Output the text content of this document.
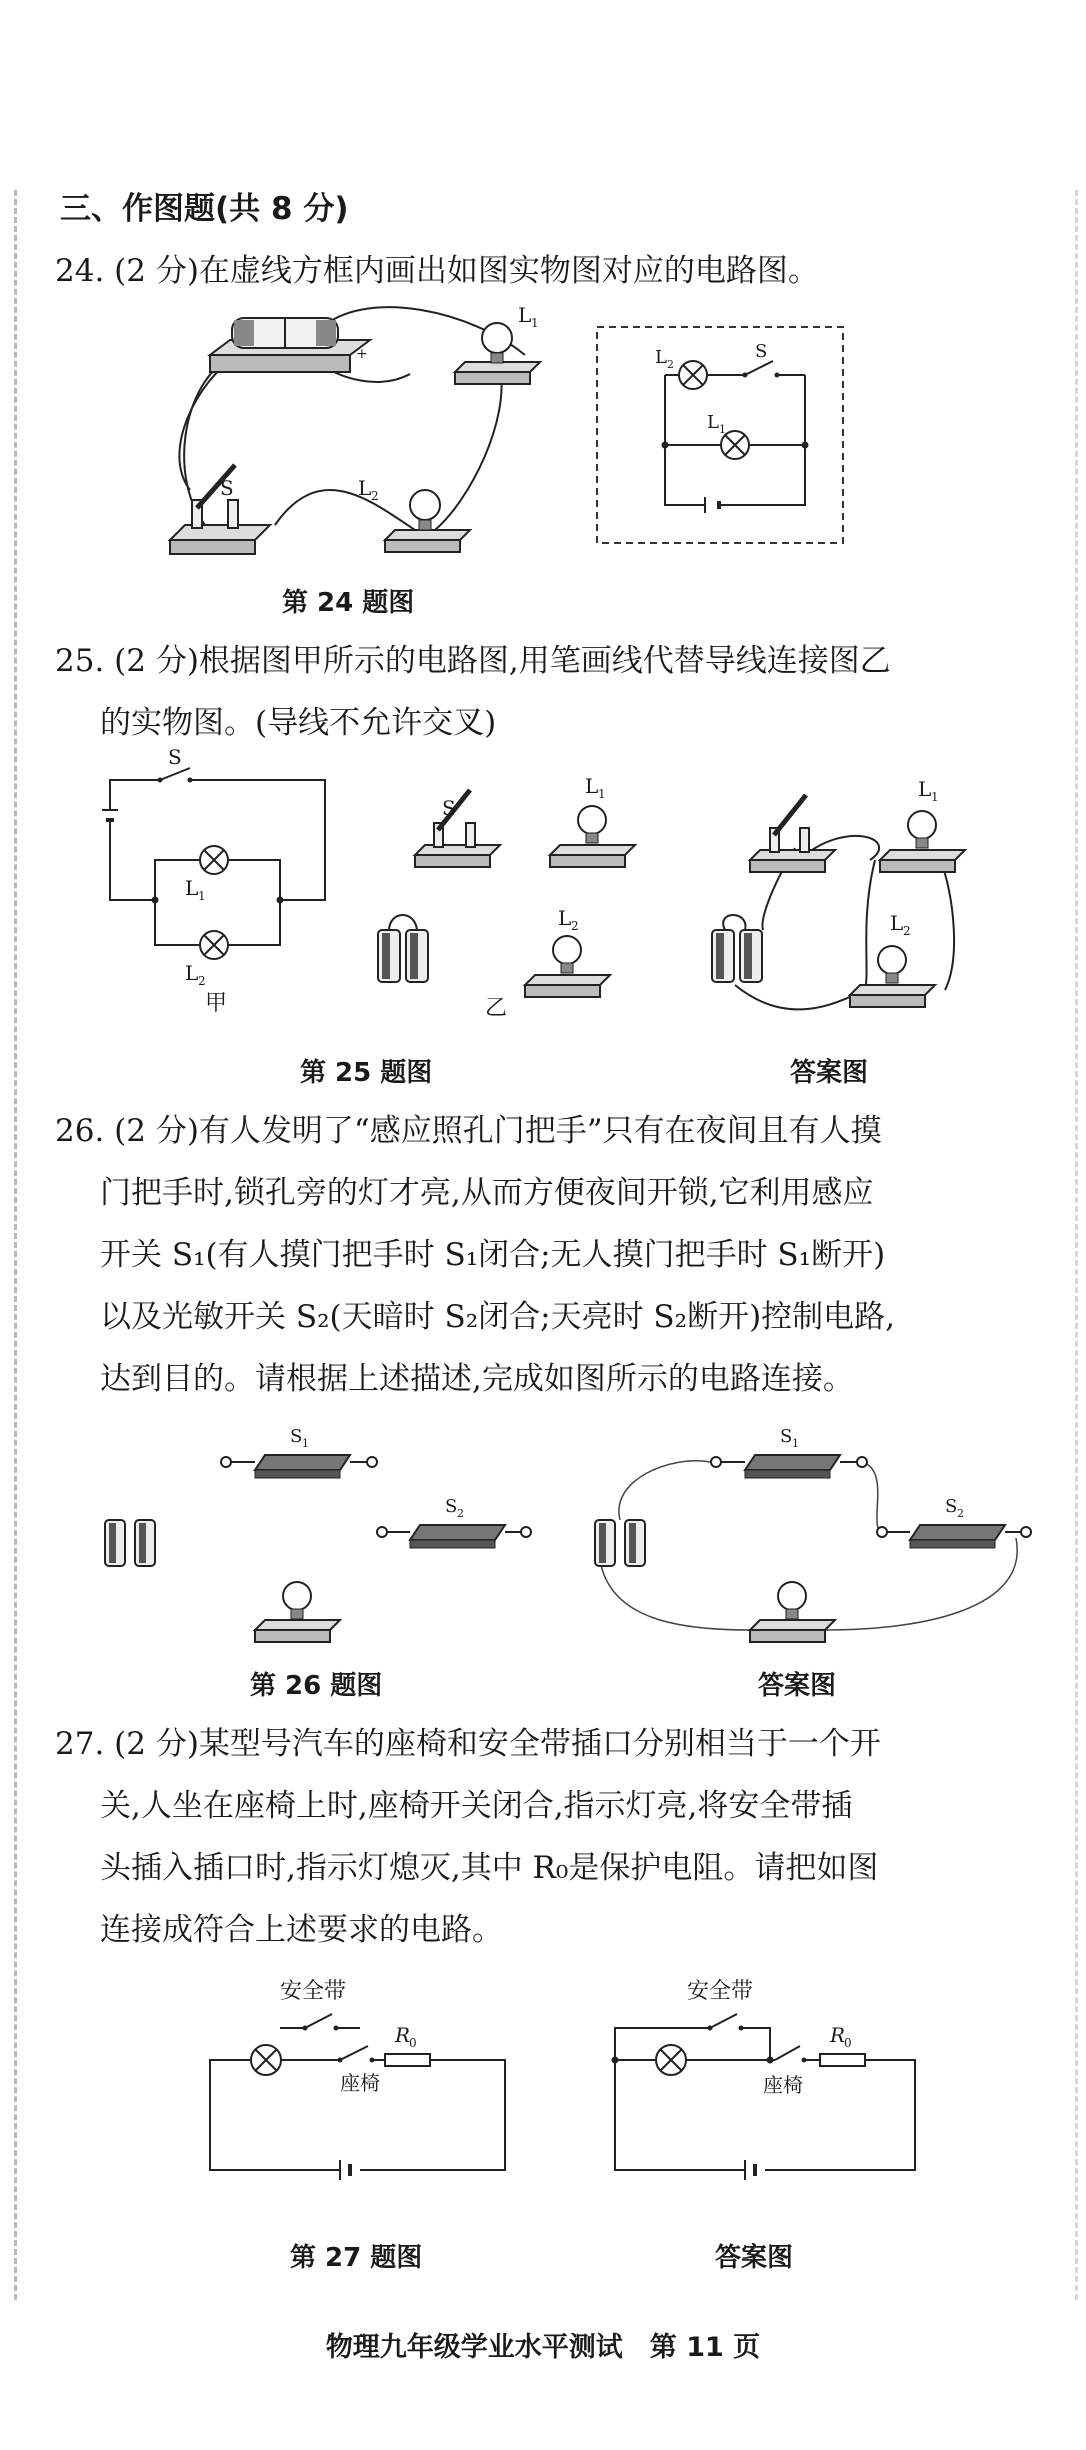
三、作图题(共 8 分)
24. (2 分)在虚线方框内画出如图实物图对应的电路图。
+
L 1
S	L 2
L 2
S
L 1
第 24 题图
25. (2 分)根据图甲所示的电路图,用笔画线代替导线连接图乙
的实物图。(导线不允许交叉)
S
L 1
L 2
甲
S
L 1
L 2
乙
L 1
L 2
第 25 题图	答案图
26. (2 分)有人发明了“感应照孔门把手”只有在夜间且有人摸
门把手时,锁孔旁的灯才亮,从而方便夜间开锁,它利用感应
开关 S₁(有人摸门把手时 S₁闭合;无人摸门把手时 S₁断开)
以及光敏开关 S₂(天暗时 S₂闭合;天亮时 S₂断开)控制电路,
达到目的。请根据上述描述,完成如图所示的电路连接。
S 1
S 2
S 1
S 2
第 26 题图	答案图
27. (2 分)某型号汽车的座椅和安全带插口分别相当于一个开
关,人坐在座椅上时,座椅开关闭合,指示灯亮,将安全带插
头插入插口时,指示灯熄灭,其中 R₀是保护电阻。请把如图
连接成符合上述要求的电路。
安全带
座椅
R
0
安全带
座椅
R
0
第 27 题图	答案图
物理九年级学业水平测试　第 11 页
